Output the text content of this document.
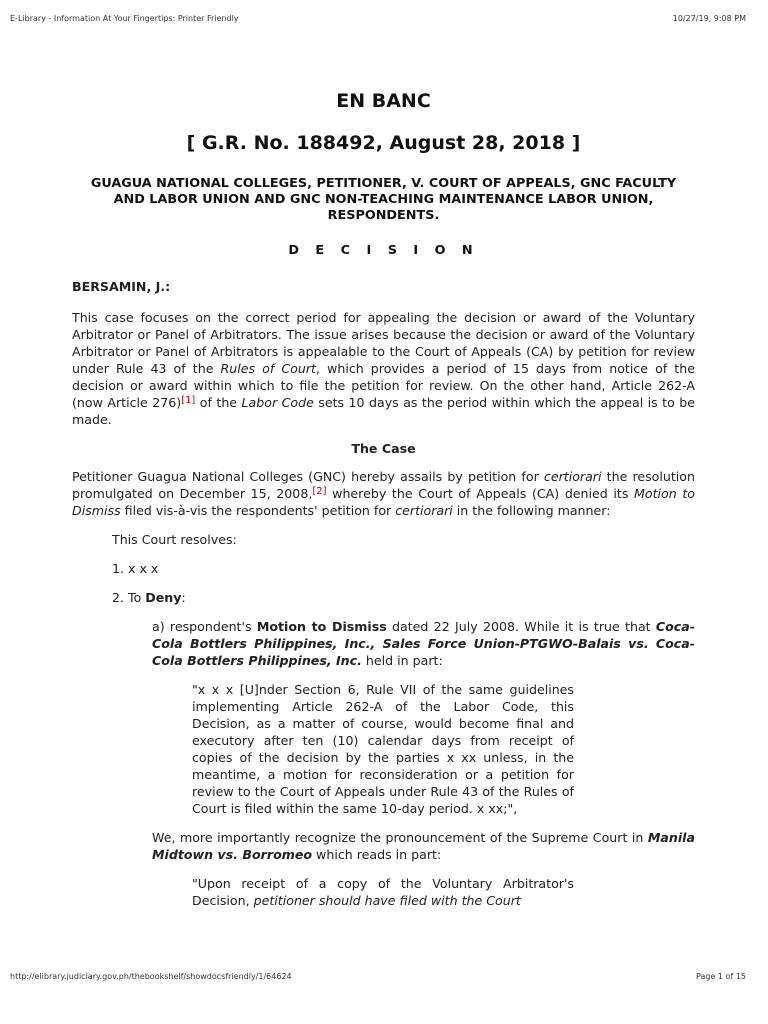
E-Library - Information At Your Fingertips: Printer Friendly	10/27/19, 9:08 PM
EN BANC
[ G.R. No. 188492, August 28, 2018 ]
GUAGUA NATIONAL COLLEGES, PETITIONER, V. COURT OF APPEALS, GNC FACULTY AND LABOR UNION AND GNC NON-TEACHING MAINTENANCE LABOR UNION, RESPONDENTS.
D E C I S I O N
BERSAMIN, J.:

This case focuses on the correct period for appealing the decision or award of the Voluntary Arbitrator or Panel of Arbitrators. The issue arises because the decision or award of the Voluntary Arbitrator or Panel of Arbitrators is appealable to the Court of Appeals (CA) by petition for review under Rule 43 of the Rules of Court, which provides a period of 15 days from notice of the decision or award within which to file the petition for review. On the other hand, Article 262-A (now Article 276)[1] of the Labor Code sets 10 days as the period within which the appeal is to be made.

The Case

Petitioner Guagua National Colleges (GNC) hereby assails by petition for certiorari the resolution promulgated on December 15, 2008,[2] whereby the Court of Appeals (CA) denied its Motion to Dismiss filed vis-à-vis the respondents' petition for certiorari in the following manner:

This Court resolves:
1. x x x
2. To Deny:
a) respondent's Motion to Dismiss dated 22 July 2008. While it is true that Coca-Cola Bottlers Philippines, Inc., Sales Force Union-PTGWO-Balais vs. Coca-Cola Bottlers Philippines, Inc. held in part:
"x x x [U]nder Section 6, Rule VII of the same guidelines implementing Article 262-A of the Labor Code, this Decision, as a matter of course, would become final and executory after ten (10) calendar days from receipt of copies of the decision by the parties x xx unless, in the meantime, a motion for reconsideration or a petition for review to the Court of Appeals under Rule 43 of the Rules of Court is filed within the same 10-day period. x xx;",
We, more importantly recognize the pronouncement of the Supreme Court in Manila Midtown vs. Borromeo which reads in part:
"Upon receipt of a copy of the Voluntary Arbitrator's Decision, petitioner should have filed with the Court
http://elibrary.judiciary.gov.ph/thebookshelf/showdocsfriendly/1/64624	Page 1 of 15
